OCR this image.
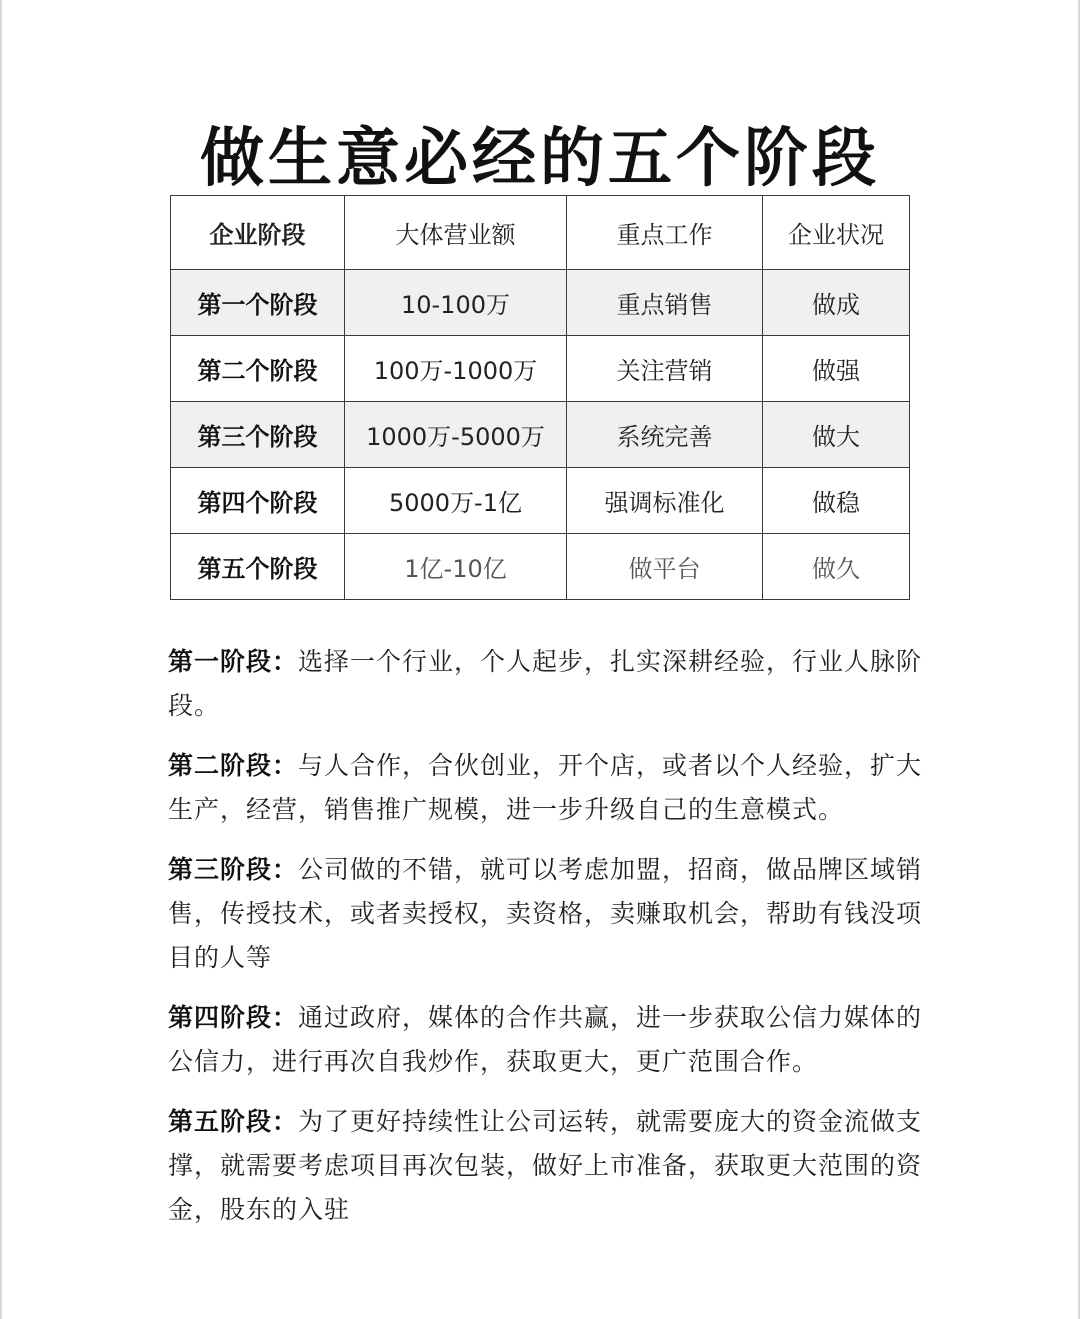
做生意必经的五个阶段
企业阶段	大体营业额	重点工作	企业状况
第一个阶段	10-100万	重点销售	做成
第二个阶段	100万-1000万	关注营销	做强
第三个阶段	1000万-5000万	系统完善	做大
第四个阶段	5000万-1亿	强调标准化	做稳
第五个阶段	1亿-10亿	做平台	做久

第一阶段：选择一个行业，个人起步，扎实深耕经验，行业人脉阶段。

第二阶段：与人合作，合伙创业，开个店，或者以个人经验，扩大生产，经营，销售推广规模，进一步升级自己的生意模式。

第三阶段：公司做的不错，就可以考虑加盟，招商，做品牌区域销售，传授技术，或者卖授权，卖资格，卖赚取机会，帮助有钱没项目的人等

第四阶段：通过政府，媒体的合作共赢，进一步获取公信力媒体的公信力，进行再次自我炒作，获取更大，更广范围合作。

第五阶段：为了更好持续性让公司运转，就需要庞大的资金流做支撑，就需要考虑项目再次包装，做好上市准备，获取更大范围的资金，股东的入驻
